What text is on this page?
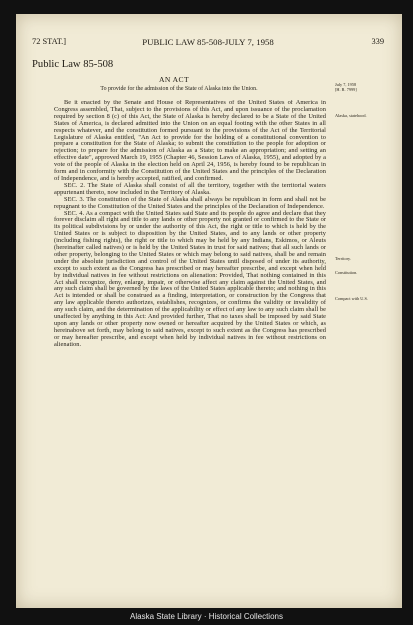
72 STAT.]	PUBLIC LAW 85-508-JULY 7, 1958	339
Public Law 85-508
AN ACT
To provide for the admission of the State of Alaska into the Union.
July 7, 1958
[H. R. 7999]
Alaska, statehood.
Territory.
Constitution.
Compact with U.S.

Be it enacted by the Senate and House of Representatives of the United States of America in Congress assembled, That, subject to the provisions of this Act, and upon issuance of the proclamation required by section 8 (c) of this Act, the State of Alaska is hereby declared to be a State of the United States of America, is declared admitted into the Union on an equal footing with the other States in all respects whatever, and the constitution formed pursuant to the provisions of the Act of the Territorial Legislature of Alaska entitled, "An Act to provide for the holding of a constitutional convention to prepare a constitution for the State of Alaska; to submit the constitution to the people for adoption or rejection; to prepare for the admission of Alaska as a State; to make an appropriation; and setting an effective date", approved March 19, 1955 (Chapter 46, Session Laws of Alaska, 1955), and adopted by a vote of the people of Alaska in the election held on April 24, 1956, is hereby found to be republican in form and in conformity with the Constitution of the United States and the principles of the Declaration of Independence, and is hereby accepted, ratified, and confirmed.

SEC. 2. The State of Alaska shall consist of all the territory, together with the territorial waters appurtenant thereto, now included in the Territory of Alaska.

SEC. 3. The constitution of the State of Alaska shall always be republican in form and shall not be repugnant to the Constitution of the United States and the principles of the Declaration of Independence.

SEC. 4. As a compact with the United States said State and its people do agree and declare that they forever disclaim all right and title to any lands or other property not granted or confirmed to the State or its political subdivisions by or under the authority of this Act, the right or title to which is held by the United States or is subject to disposition by the United States, and to any lands or other property (including fishing rights), the right or title to which may be held by any Indians, Eskimos, or Aleuts (hereinafter called natives) or is held by the United States in trust for said natives; that all such lands or other property, belonging to the United States or which may belong to said natives, shall be and remain under the absolute jurisdiction and control of the United States until disposed of under its authority, except to such extent as the Congress has prescribed or may hereafter prescribe, and except when held by individual natives in fee without restrictions on alienation: Provided, That nothing contained in this Act shall recognize, deny, enlarge, impair, or otherwise affect any claim against the United States, and any such claim shall be governed by the laws of the United States applicable thereto; and nothing in this Act is intended or shall be construed as a finding, interpretation, or construction by the Congress that any law applicable thereto authorizes, establishes, recognizes, or confirms the validity or invalidity of any such claim, and the determination of the applicability or effect of any law to any such claim shall be unaffected by anything in this Act: And provided further, That no taxes shall be imposed by said State upon any lands or other property now owned or hereafter acquired by the United States or which, as hereinabove set forth, may belong to said natives, except to such extent as the Congress has prescribed or may hereafter prescribe, and except when held by individual natives in fee without restrictions on alienation.

Alaska State Library · Historical Collections
